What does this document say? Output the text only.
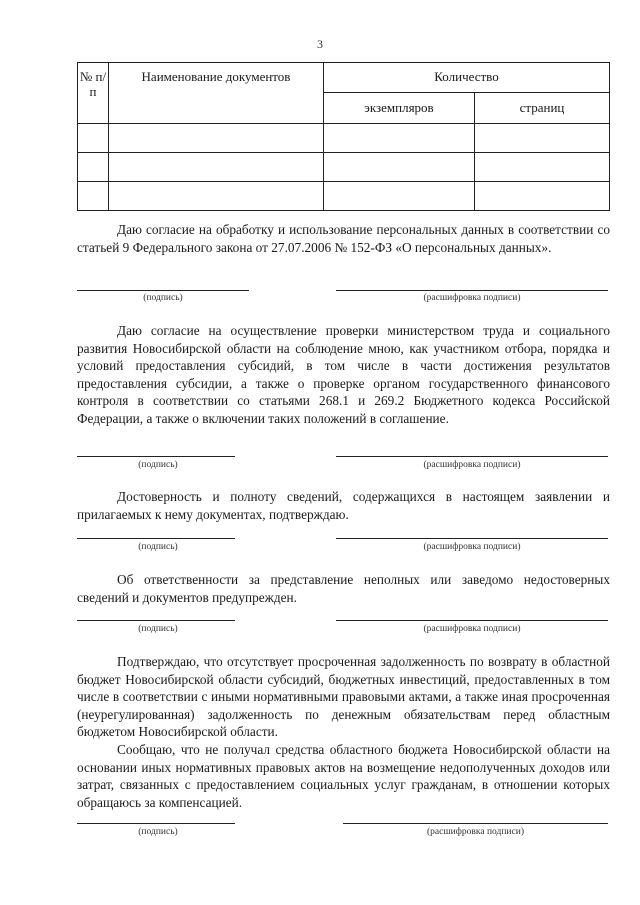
3
№ п/п	Наименование документов	Количество	
		экземпляров	страниц

Даю согласие на обработку и использование персональных данных в соответствии со статьей 9 Федерального закона от 27.07.2006 № 152-ФЗ «О персональных данных».

(подпись)	(расшифровка подписи)

Даю согласие на осуществление проверки министерством труда и социального развития Новосибирской области на соблюдение мною, как участником отбора, порядка и условий предоставления субсидий, в том числе в части достижения результатов предоставления субсидии, а также о проверке органом государственного финансового контроля в соответствии со статьями 268.1 и 269.2 Бюджетного кодекса Российской Федерации, а также о включении таких положений в соглашение.

(подпись)	(расшифровка подписи)

Достоверность и полноту сведений, содержащихся в настоящем заявлении и прилагаемых к нему документах, подтверждаю.

(подпись)	(расшифровка подписи)

Об ответственности за представление неполных или заведомо недостоверных сведений и документов предупрежден.

(подпись)	(расшифровка подписи)

Подтверждаю, что отсутствует просроченная задолженность по возврату в областной бюджет Новосибирской области субсидий, бюджетных инвестиций, предоставленных в том числе в соответствии с иными нормативными правовыми актами, а также иная просроченная (неурегулированная) задолженность по денежным обязательствам перед областным бюджетом Новосибирской области.

Сообщаю, что не получал средства областного бюджета Новосибирской области на основании иных нормативных правовых актов на возмещение недополученных доходов или затрат, связанных с предоставлением социальных услуг гражданам, в отношении которых обращаюсь за компенсацией.

(подпись)	(расшифровка подписи)
